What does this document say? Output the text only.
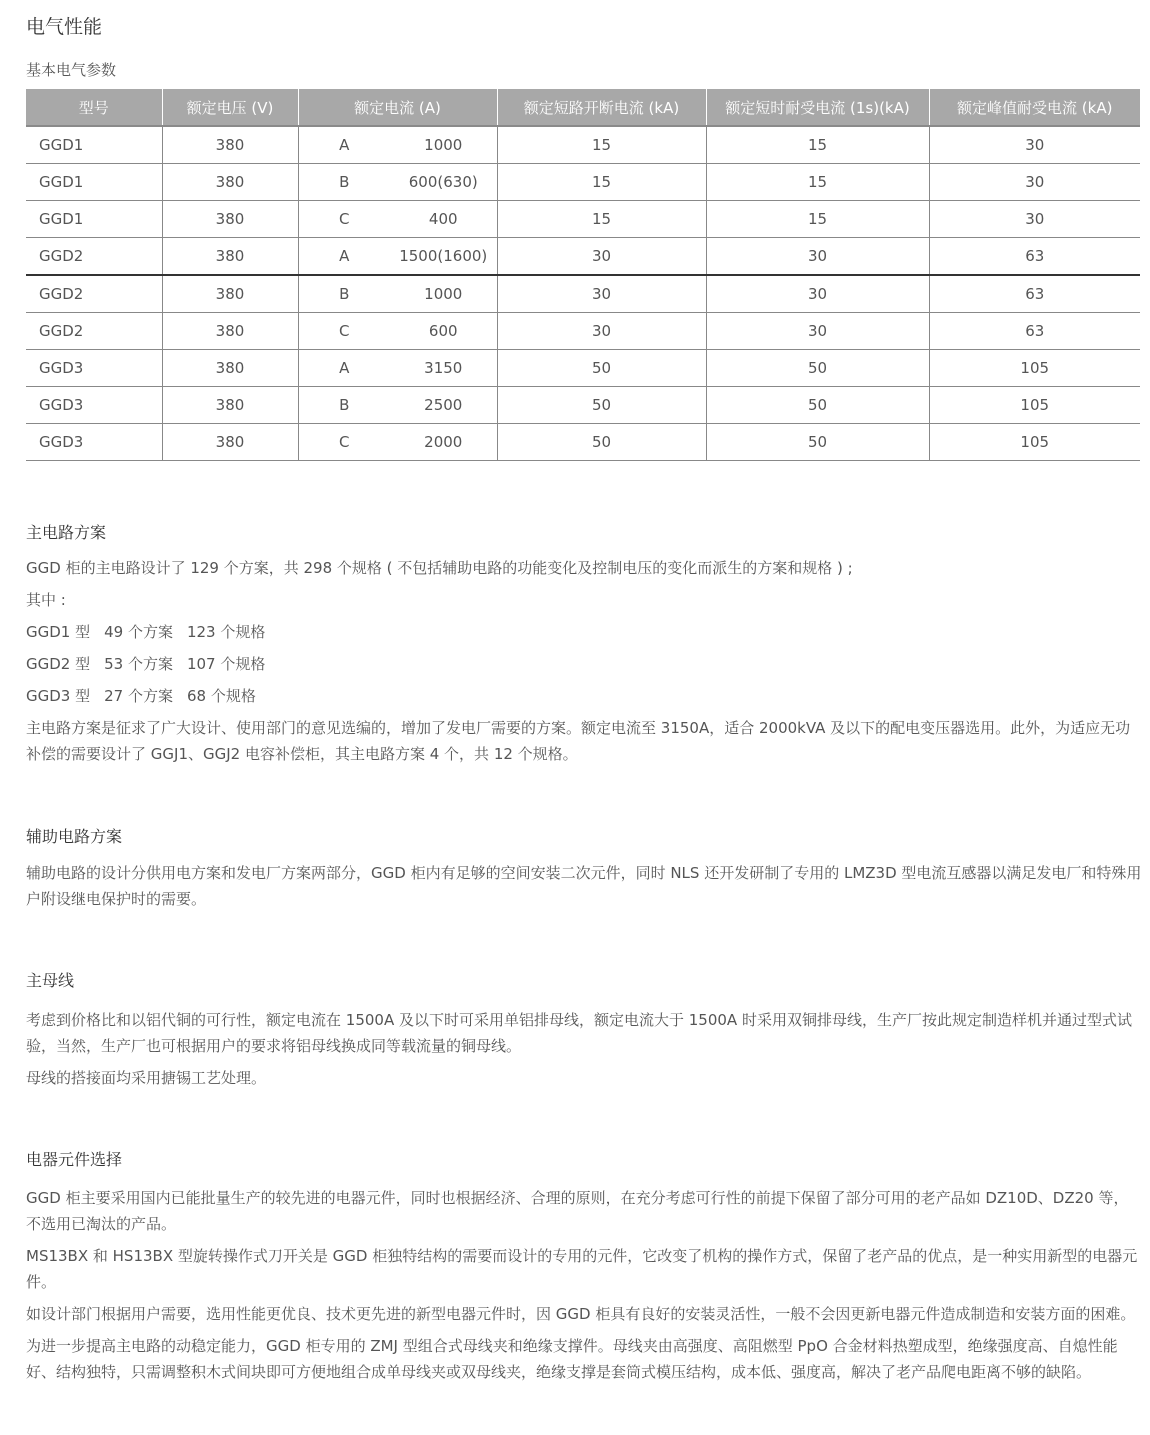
电气性能
基本电气参数
型号	额定电压 (V)	额定电流 (A)		额定短路开断电流 (kA)	额定短时耐受电流 (1s)(kA)	额定峰值耐受电流 (kA)
GGD1	380	A	1000	15	15	30
GGD1	380	B	600(630)	15	15	30
GGD1	380	C	400	15	15	30
GGD2	380	A	1500(1600)	30	30	63
GGD2	380	B	1000	30	30	63
GGD2	380	C	600	30	30	63
GGD3	380	A	3150	50	50	105
GGD3	380	B	2500	50	50	105
GGD3	380	C	2000	50	50	105
主电路方案

GGD 柜的主电路设计了 129 个方案，共 298 个规格 ( 不包括辅助电路的功能变化及控制电压的变化而派生的方案和规格 ) ;

其中 :

GGD1 型 49 个方案 123 个规格

GGD2 型 53 个方案 107 个规格

GGD3 型 27 个方案 68 个规格

主电路方案是征求了广大设计、使用部门的意见选编的，增加了发电厂需要的方案。额定电流至 3150A，适合 2000kVA 及以下的配电变压器选用。此外，为适应无功补偿的需要设计了 GGJ1、GGJ2 电容补偿柜，其主电路方案 4 个，共 12 个规格。

辅助电路方案

辅助电路的设计分供用电方案和发电厂方案两部分，GGD 柜内有足够的空间安装二次元件，同时 NLS 还开发研制了专用的 LMZ3D 型电流互感器以满足发电厂和特殊用户附设继电保护时的需要。

主母线

考虑到价格比和以铝代铜的可行性，额定电流在 1500A 及以下时可采用单铝排母线，额定电流大于 1500A 时采用双铜排母线，生产厂按此规定制造样机并通过型式试验，当然，生产厂也可根据用户的要求将铝母线换成同等载流量的铜母线。

母线的搭接面均采用搪锡工艺处理。

电器元件选择

GGD 柜主要采用国内已能批量生产的较先进的电器元件，同时也根据经济、合理的原则，在充分考虑可行性的前提下保留了部分可用的老产品如 DZ10D、DZ20 等，不选用已淘汰的产品。

MS13BX 和 HS13BX 型旋转操作式刀开关是 GGD 柜独特结构的需要而设计的专用的元件，它改变了机构的操作方式，保留了老产品的优点，是一种实用新型的电器元件。

如设计部门根据用户需要，选用性能更优良、技术更先进的新型电器元件时，因 GGD 柜具有良好的安装灵活性，一般不会因更新电器元件造成制造和安装方面的困难。

为进一步提高主电路的动稳定能力，GGD 柜专用的 ZMJ 型组合式母线夹和绝缘支撑件。母线夹由高强度、高阻燃型 PpO 合金材料热塑成型，绝缘强度高、自熄性能好、结构独特，只需调整积木式间块即可方便地组合成单母线夹或双母线夹，绝缘支撑是套筒式模压结构，成本低、强度高，解决了老产品爬电距离不够的缺陷。
